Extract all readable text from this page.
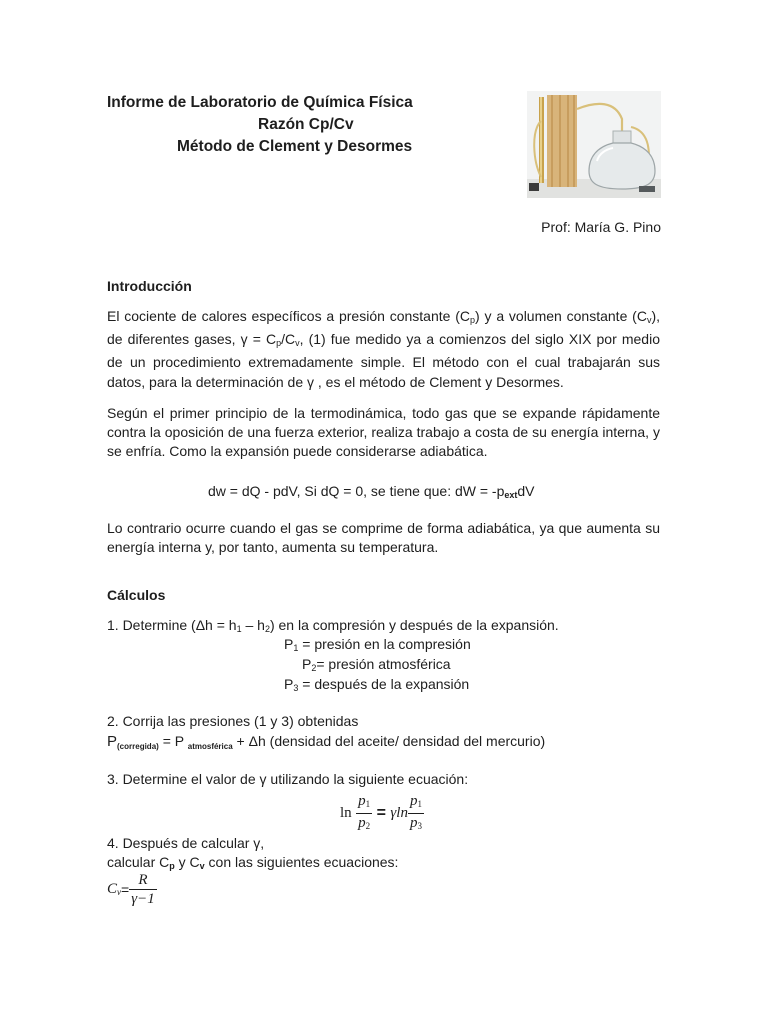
Informe de Laboratorio de Química Física
Razón Cp/Cv
Método de Clement y Desormes
Prof: María G. Pino
Introducción
El cociente de calores específicos a presión constante $(C_p)$ y a volumen constante $(C_v)$, de diferentes gases, $\gamma = C_p/C_v$, (1) fue medido ya a comienzos del siglo XIX por medio de un procedimiento extremadamente simple. El método con el cual trabajarán sus datos, para la determinación de γ , es el método de Clement y Desormes.
Según el primer principio de la termodinámica, todo gas que se expande rápidamente contra la oposición de una fuerza exterior, realiza trabajo a costa de su energía interna, y se enfría. Como la expansión puede considerarse adiabática.
dw = dQ - pdV, Si dQ = 0, se tiene que: dW = $-p_{ext}dV$
Lo contrario ocurre cuando el gas se comprime de forma adiabática, ya que aumenta su energía interna y, por tanto, aumenta su temperatura.
Cálculos
1. Determine $(\Delta h = h_1 - h_2)$ en la compresión y después de la expansión.
$P_1$ = presión en la compresión
$P_2=$ presión atmosférica
$P_3$ = después de la expansión
2. Corrija las presiones (1 y 3) obtenidas
$P_{(corregida)} = P$ $_{atmosférica}$ + Δh (densidad del aceite/ densidad del mercurio)
3. Determine el valor de γ utilizando la siguiente ecuación:
$\ln \frac{p_1}{p_2} = \gamma\ln \frac{p_1}{p_3}$
4. Después de calcular γ,
calcular $C_p$ y $C_v$ con las siguientes ecuaciones:
$C_v= \frac{R}{\gamma-1}$
